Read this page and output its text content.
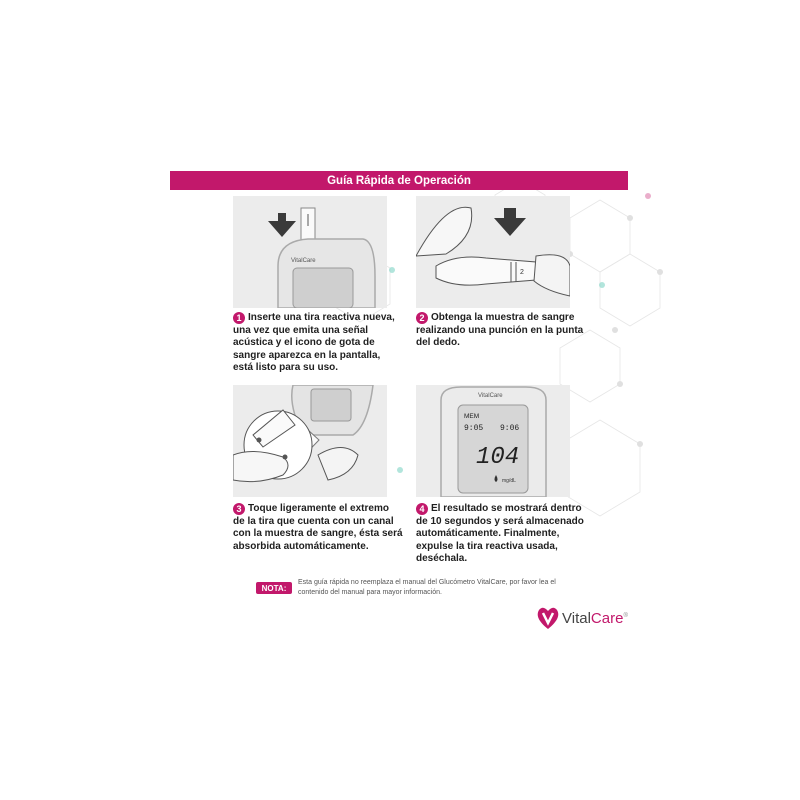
Guía Rápida de Operación
VitalCare
2
1 Inserte una tira reactiva nueva, una vez que emita una señal acústica y el icono de gota de sangre aparezca en la pantalla, está listo para su uso.
2 Obtenga la muestra de sangre realizando una punción en la punta del dedo.
VitalCare
MEM
9:05 9:06
104
mg/dL
3 Toque ligeramente el extremo de la tira que cuenta con un canal con la muestra de sangre, ésta será absorbida automáticamente.
4 El resultado se mostrará dentro de 10 segundos y será almacenado automáticamente. Finalmente, expulse la tira reactiva usada, deséchala.
NOTA:
Esta guía rápida no reemplaza el manual del Glucómetro VitalCare, por favor lea el contenido del manual para mayor información.
VitalCare®
